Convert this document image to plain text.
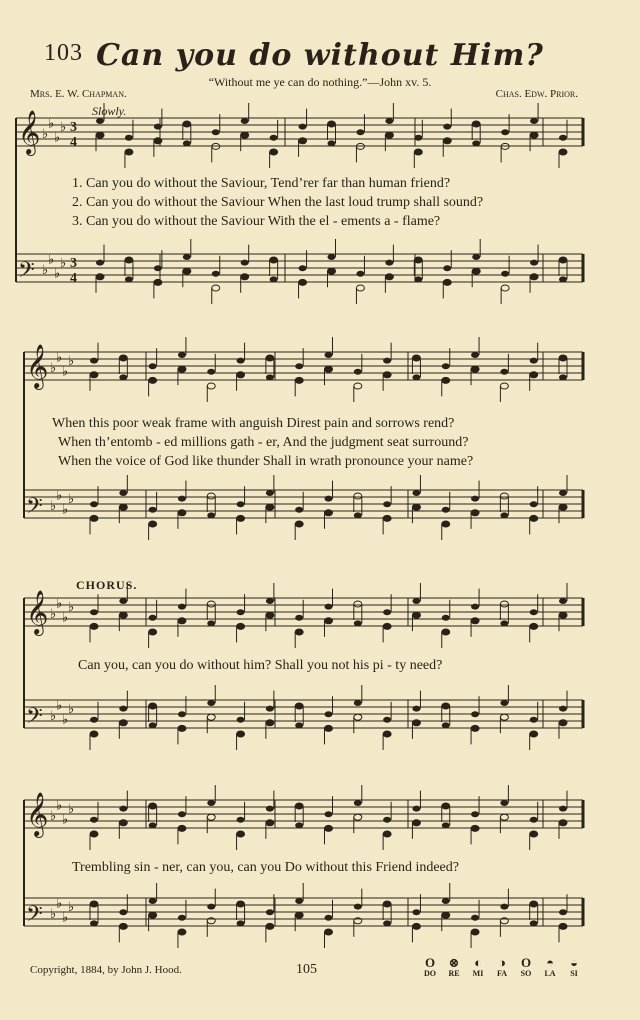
103 Can you do without Him?
“Without me ye can do nothing.”—John xv. 5.
Mrs. E. W. Chapman.	Chas. Edw. Prior.
Slowly.
𝄞 ♭
♭
♭
♭ 3
4
𝄢 ♭
♭
♭
♭ 3
4
𝄞 ♭
♭
♭
♭
𝄢 ♭
♭
♭
♭
𝄞 ♭
♭
♭
♭
𝄢 ♭
♭
♭
♭
𝄞 ♭
♭
♭
♭
𝄢 ♭
♭
♭
♭
1. Can you do without the Saviour, Tend’rer far than human friend?
2. Can you do without the Saviour When the last loud trump shall sound?
3. Can you do without the Saviour With the el - ements a - flame?
When this poor weak frame with anguish Direst pain and sorrows rend?
When th’entomb - ed millions gath - er, And the judgment seat surround?
When the voice of God like thunder Shall in wrath pronounce your name?
CHORUS.
Can you, can you do without him? Shall you not his pi - ty need?
Trembling sin - ner, can you, can you Do without this Friend indeed?
Copyright, 1884, by John J. Hood.	105	O
DO
⊗
RE
◐
MI
◑
FA
O
SO
◓
LA
◒
SI
